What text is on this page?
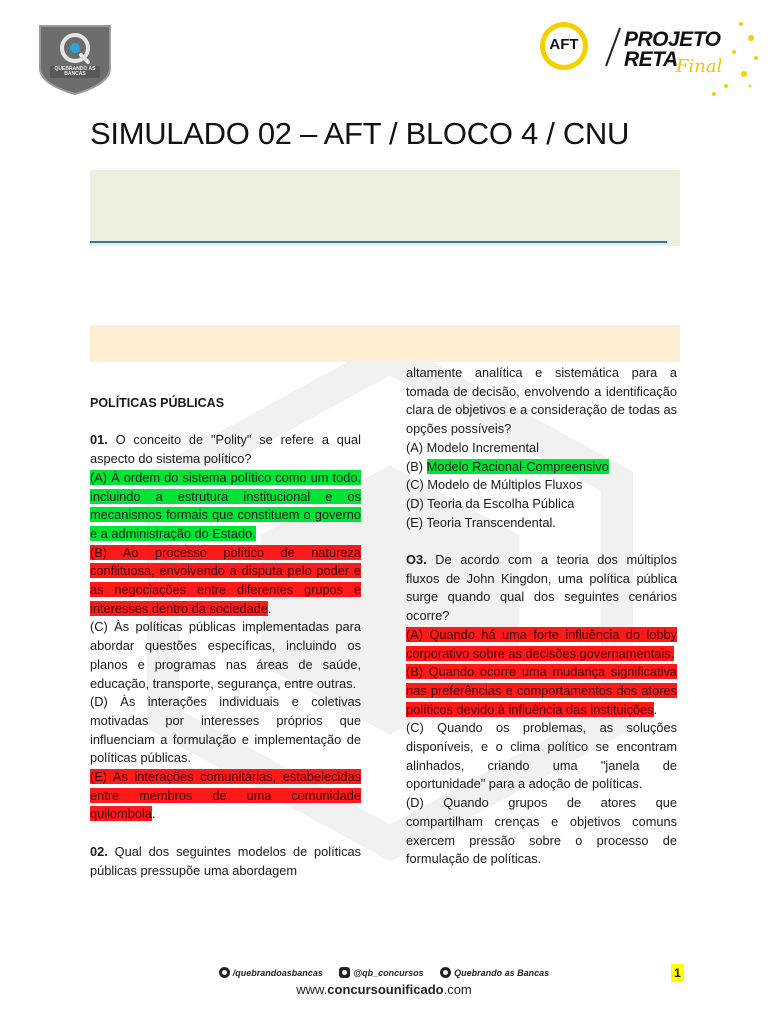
QUEBRANDO AS BANCAS
AFT PROJETO
RETA
Final
SIMULADO 02 – AFT / BLOCO 4 / CNU

POLÍTICAS PÚBLICAS

01. O conceito de "Polity" se refere a qual aspecto do sistema político?

(A) À ordem do sistema político como um todo, incluindo a estrutura institucional e os mecanismos formais que constituem o governo e a administração do Estado.

(B) Ao processo político de natureza conflituosa, envolvendo a disputa pelo poder e as negociações entre diferentes grupos e interesses dentro da sociedade.

(C) Às políticas públicas implementadas para abordar questões específicas, incluindo os planos e programas nas áreas de saúde, educação, transporte, segurança, entre outras.

(D) Às interações individuais e coletivas motivadas por interesses próprios que influenciam a formulação e implementação de políticas públicas.

(E) As interações comunitárias, estabelecidas entre membros de uma comunidade quilombola.

02. Qual dos seguintes modelos de políticas públicas pressupõe uma abordagem

altamente analítica e sistemática para a tomada de decisão, envolvendo a identificação clara de objetivos e a consideração de todas as opções possíveis?

(A) Modelo Incremental

(B) Modelo Racional-Compreensivo

(C) Modelo de Múltiplos Fluxos

(D) Teoria da Escolha Pública

(E) Teoria Transcendental.

O3. De acordo com a teoria dos múltiplos fluxos de John Kingdon, uma política pública surge quando qual dos seguintes cenários ocorre?

(A) Quando há uma forte influência do lobby corporativo sobre as decisões governamentais.

(B) Quando ocorre uma mudança significativa nas preferências e comportamentos dos atores políticos devido à influência das instituições.

(C) Quando os problemas, as soluções disponíveis, e o clima político se encontram alinhados, criando uma "janela de oportunidade" para a adoção de políticas.

(D) Quando grupos de atores que compartilham crenças e objetivos comuns exercem pressão sobre o processo de formulação de políticas.

/quebrandoasbancas	@qb_concursos	Quebrando as Bancas
www.concursounificado.com
1
